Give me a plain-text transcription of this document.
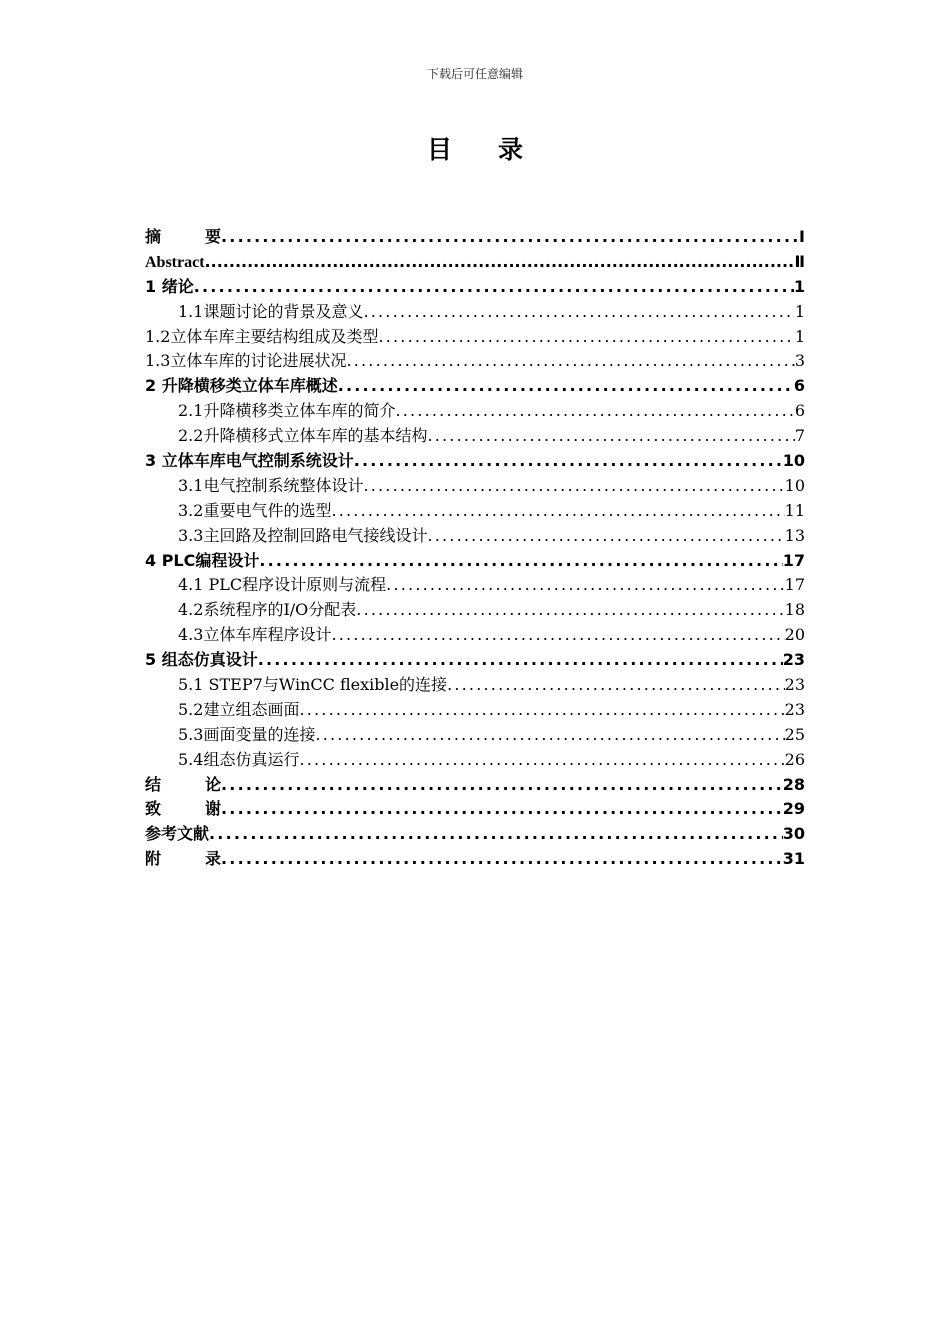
下载后可任意编辑
目 录
摘	要 .....	Ⅰ
Abstract .....	Ⅱ
1 绪论 .....	1
1.1课题讨论的背景及意义 .....	1
1.2立体车库主要结构组成及类型 .....	1
1.3立体车库的讨论进展状况 .....	3
2 升降横移类立体车库概述 .....	6
2.1升降横移类立体车库的简介 .....	6
2.2升降横移式立体车库的基本结构 .....	7
3 立体车库电气控制系统设计 .....	10
3.1电气控制系统整体设计 .....	10
3.2重要电气件的选型 .....	11
3.3主回路及控制回路电气接线设计 .....	13
4 PLC编程设计 .....	17
4.1 PLC程序设计原则与流程 .....	17
4.2系统程序的I/O分配表 .....	18
4.3立体车库程序设计 .....	20
5 组态仿真设计 .....	23
5.1 STEP7与WinCC flexible的连接 .....	23
5.2建立组态画面 .....	23
5.3画面变量的连接 .....	25
5.4组态仿真运行 .....	26
结	论 .....	28
致	谢 .....	29
参考文献 .....	30
附	录 .....	31
